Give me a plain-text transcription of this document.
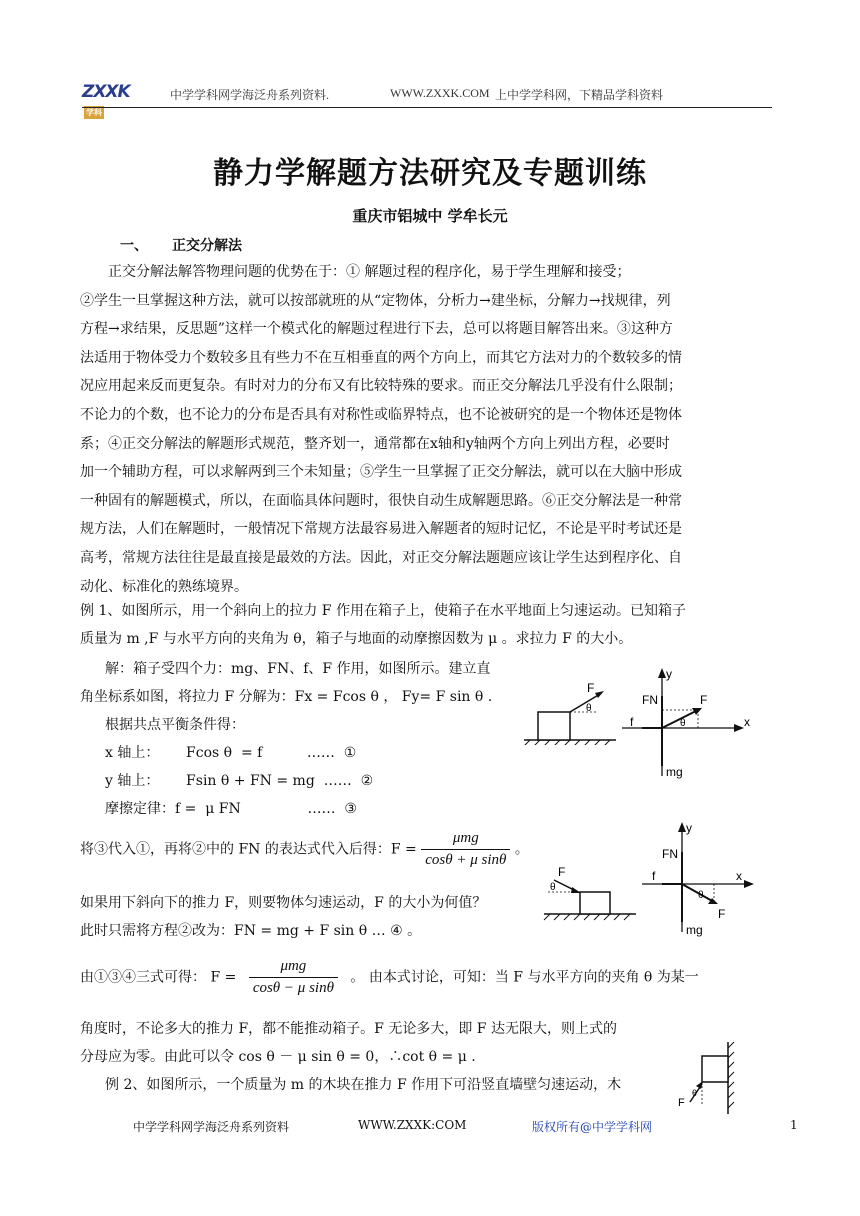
ZXXK学科
中学学科网学海泛舟系列资料.	WWW.ZXXK.COM 上中学学科网，下精品学科资料
静力学解题方法研究及专题训练
重庆市铝城中 学牟长元
一、 正交分解法
正交分解法解答物理问题的优势在于：① 解题过程的程序化，易于学生理解和接受；
②学生一旦掌握这种方法，就可以按部就班的从“定物体，分析力→建坐标，分解力→找规律，列
方程→求结果，反思题”这样一个模式化的解题过程进行下去，总可以将题目解答出来。③这种方
法适用于物体受力个数较多且有些力不在互相垂直的两个方向上，而其它方法对力的个数较多的情
况应用起来反而更复杂。有时对力的分布又有比较特殊的要求。而正交分解法几乎没有什么限制；
不论力的个数，也不论力的分布是否具有对称性或临界特点，也不论被研究的是一个物体还是物体
系；④正交分解法的解题形式规范，整齐划一，通常都在x轴和y轴两个方向上列出方程，必要时
加一个辅助方程，可以求解两到三个未知量；⑤学生一旦掌握了正交分解法，就可以在大脑中形成
一种固有的解题模式，所以，在面临具体问题时，很快自动生成解题思路。⑥正交分解法是一种常
规方法，人们在解题时，一般情况下常规方法最容易进入解题者的短时记忆，不论是平时考试还是
高考，常规方法往往是最直接是最效的方法。因此，对正交分解法题题应该让学生达到程序化、自
动化、标准化的熟练境界。
例 1、如图所示，用一个斜向上的拉力 F 作用在箱子上，使箱子在水平地面上匀速运动。已知箱子
质量为 m ,F 与水平方向的夹角为 θ，箱子与地面的动摩擦因数为 μ 。求拉力 F 的大小。
解：箱子受四个力：mg、FN、f、F 作用，如图所示。建立直
角坐标系如图，将拉力 F 分解为：Fx = Fcos θ ， Fy= F sin θ .
根据共点平衡条件得：
x 轴上：      Fcos θ  = f          ……  ①
y 轴上：      Fsin θ + FN = mg  ……  ②
摩擦定律：f =  μ FN               ……  ③
将③代入①，再将②中的 FN 的表达式代入后得：$F = \frac{\text{μmg}}{\text{cosθ + μ sinθ}}$ 。
如果用下斜向下的推力 F，则要物体匀速运动，F 的大小为何值？
此时只需将方程②改为：FN = mg + F sin θ … ④ 。
由①③④三式可得： $F = \frac{\text{μmg}}{\text{cosθ − μ sinθ}}$ 。 由本式讨论，可知：当 F 与水平方向的夹角 θ 为某一
角度时，不论多大的推力 F，都不能推动箱子。F 无论多大，即 F 达无限大，则上式的
分母应为零。由此可以令 cos θ － μ sin θ = 0，∴cot θ = μ .
例 2、如图所示，一个质量为 m 的木块在推力 F 作用下可沿竖直墙壁匀速运动，木
F
θ
y
x
FN	F
f	θ
mg
F
θ
y
x
FN
f
θ
F
mg
F
θ
中学学科网学海泛舟系列资料	WWW.ZXXK:COM	版权所有@中学学科网	1
